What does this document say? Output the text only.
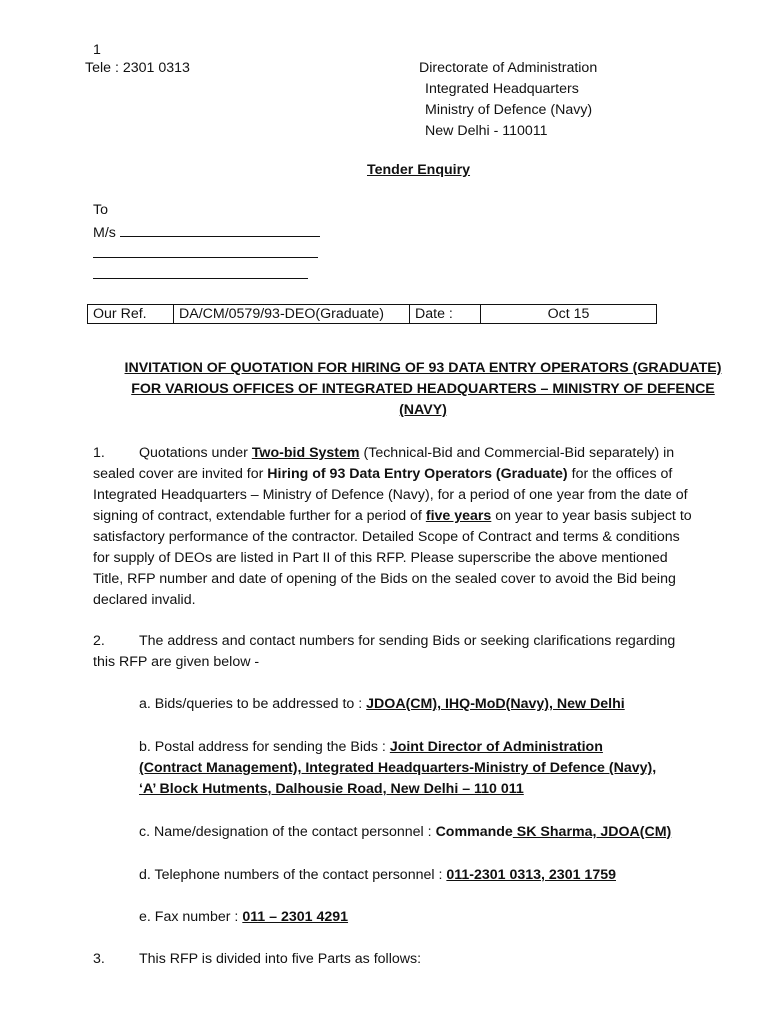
1
Tele : 2301 0313	Directorate of Administration
Integrated Headquarters
Ministry of Defence (Navy)
New Delhi - 110011
Tender Enquiry
To
M/s
Our Ref.	DA/CM/0579/93-DEO(Graduate)	Date :	Oct 15
INVITATION OF QUOTATION FOR HIRING OF 93 DATA ENTRY OPERATORS (GRADUATE)
FOR VARIOUS OFFICES OF INTEGRATED HEADQUARTERS – MINISTRY OF DEFENCE
(NAVY)
1. Quotations under Two-bid System (Technical-Bid and Commercial-Bid separately) in
sealed cover are invited for Hiring of 93 Data Entry Operators (Graduate) for the offices of
Integrated Headquarters – Ministry of Defence (Navy), for a period of one year from the date of
signing of contract, extendable further for a period of five years on year to year basis subject to
satisfactory performance of the contractor. Detailed Scope of Contract and terms & conditions
for supply of DEOs are listed in Part II of this RFP. Please superscribe the above mentioned
Title, RFP number and date of opening of the Bids on the sealed cover to avoid the Bid being
declared invalid.
2. The address and contact numbers for sending Bids or seeking clarifications regarding
this RFP are given below -
a. Bids/queries to be addressed to : JDOA(CM), IHQ-MoD(Navy), New Delhi
b. Postal address for sending the Bids : Joint Director of Administration
(Contract Management), Integrated Headquarters-Ministry of Defence (Navy),
‘A’ Block Hutments, Dalhousie Road, New Delhi – 110 011
c. Name/designation of the contact personnel : Commande SK Sharma, JDOA(CM)
d. Telephone numbers of the contact personnel : 011-2301 0313, 2301 1759
e. Fax number : 011 – 2301 4291
3. This RFP is divided into five Parts as follows:
